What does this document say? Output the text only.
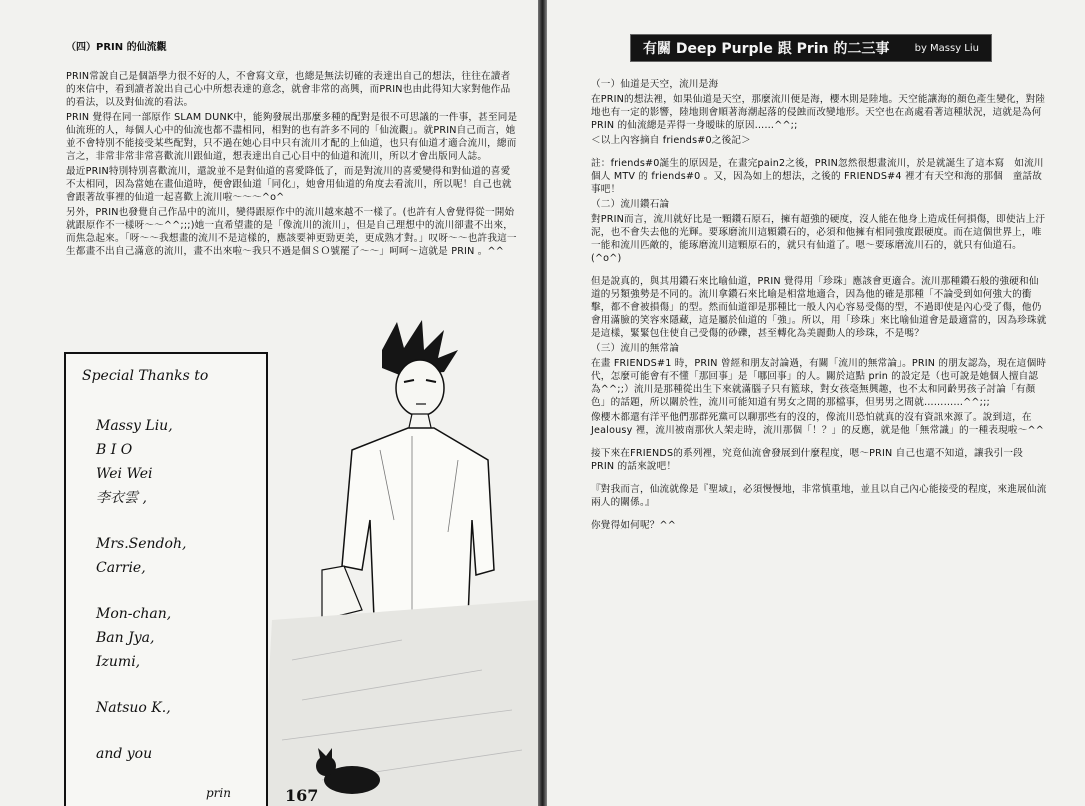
（四）PRIN 的仙流觀

PRIN常說自己是個語學力很不好的人，不會寫文章，也總是無法切確的表達出自己的想法，往往在讀者的來信中，看到讀者說出自己心中所想表達的意念，就會非常的高興，而PRIN也由此得知大家對他作品的看法，以及對仙流的看法。

PRIN 覺得在同一部原作 SLAM DUNK中，能夠發展出那麼多種的配對是很不可思議的一件事，甚至同是仙流班的人，每個人心中的仙流也都不盡相同，相對的也有許多不同的「仙流觀」。就PRIN自己而言，她並不會特別不能接受某些配對，只不過在她心目中只有流川才配的上仙道，也只有仙道才適合流川，總而言之，非常非常非常喜歡流川跟仙道，想表達出自己心目中的仙道和流川，所以才會出版同人誌。

最近PRIN特別特別喜歡流川，還說並不是對仙道的喜愛降低了，而是對流川的喜愛變得和對仙道的喜愛不太相同，因為當她在畫仙道時，便會跟仙道「同化」，她會用仙道的角度去看流川，所以呢！自己也就會跟著故事裡的仙道一起喜歡上流川啦～～～^o^

另外，PRIN也發覺自己作品中的流川，變得跟原作中的流川越來越不一樣了。(也許有人會覺得從一開始就跟原作不一樣呀～～^^;;;)她一直希望畫的是「像流川的流川」，但是自己理想中的流川卻畫不出來，而焦急起來。「呀～～我想畫的流川不是這樣的，應該要神更勁更美，更成熟才對。」叹呀～～也許我這一生都畫不出自己滿意的流川，畫不出來啦～我只不過是個ＳＯ號罷了～～」呵呵～這就是 PRIN 。^^

Special Thanks to
Massy Liu,
B I O
Wei Wei
李衣雲 ,
Mrs.Sendoh,
Carrie,
Mon-chan,
Ban Jya,
Izumi,
Natsuo K.,
and you
prin	167
有關 Deep Purple 跟 Prin 的二三事	by Massy Liu

（一）仙道是天空，流川是海

在PRIN的想法裡，如果仙道是天空，那麼流川便是海，櫻木則是陸地。天空能讓海的顏色產生變化，對陸地也有一定的影響，陸地則會順著海潮起落的侵蝕而改變地形。天空也在高處看著這種狀況，這就是為何 PRIN 的仙流總是弄得一身暧昧的原因……^^;;

＜以上內容摘自 friends#0之後記＞

註：friends#0誕生的原因是，在畫完pain2之後，PRIN忽然很想畫流川，於是就誕生了這本寫　如流川個人 MTV 的 friends#0 。又，因為如上的想法，之後的 FRIENDS#4 裡才有天空和海的那個　童話故事吧！

（二）流川鑽石論

對PRIN而言，流川就好比是一顆鑽石原石，擁有超強的硬度，沒人能在他身上造成任何損傷，即使沾上汙泥，也不會失去他的光輝。要琢磨流川這顆鑽石的，必須和他擁有相同強度跟硬度。而在這個世界上，唯一能和流川匹敵的，能琢磨流川這顆原石的，就只有仙道了。嗯～要琢磨流川石的，就只有仙道石。(^o^)

但是說真的，與其用鑽石來比喻仙道，PRIN 覺得用「珍珠」應該會更適合。流川那種鑽石般的強硬和仙道的另類強勢是不同的。流川拿鑽石來比喻是相當地適合，因為他的確是那種「不論受到如何強大的衝擊，都不會被損傷」的型。然而仙道卻是那種比一般人內心容易受傷的型，不過即使是內心受了傷，他仍會用滿臉的笑容來隱藏，這是屬於仙道的「強」。所以，用「珍珠」來比喻仙道會是最適當的，因為珍珠就是這樣，緊緊包住使自己受傷的砂礫，甚至轉化為美麗動人的珍珠，不是嗎？

（三）流川的無常論

在畫 FRIENDS#1 時，PRIN 曾經和朋友討論過，有關「流川的無常論」。PRIN 的朋友認為，現在這個時代，怎麼可能會有不懂「那回事」是「哪回事」的人。關於這點 prin 的設定是（也可說是她個人擅自認為^^;;）流川是那種從出生下來就滿腦子只有籃球，對女孩毫無興趣，也不太和同齡男孩子討論「有顏色」的話題，所以關於性，流川可能知道有男女之間的那檔事，但男男之間就…………^^;;;

像櫻木都還有洋平他們那群死黨可以聊那些有的沒的，像流川恐怕就真的沒有資訊來源了。說到這，在 Jealousy 裡，流川被南那伙人架走時，流川那個「！？」的反應，就是他「無常識」的一種表現啦～^^

接下來在FRIENDS的系列裡，究竟仙流會發展到什麼程度，嗯～PRIN 自己也還不知道，讓我引一段 PRIN 的話來說吧！

『對我而言，仙流就像是『聖域』，必須慢慢地，非常慎重地，並且以自己內心能接受的程度，來進展仙流兩人的關係。』

你覺得如何呢？^^
